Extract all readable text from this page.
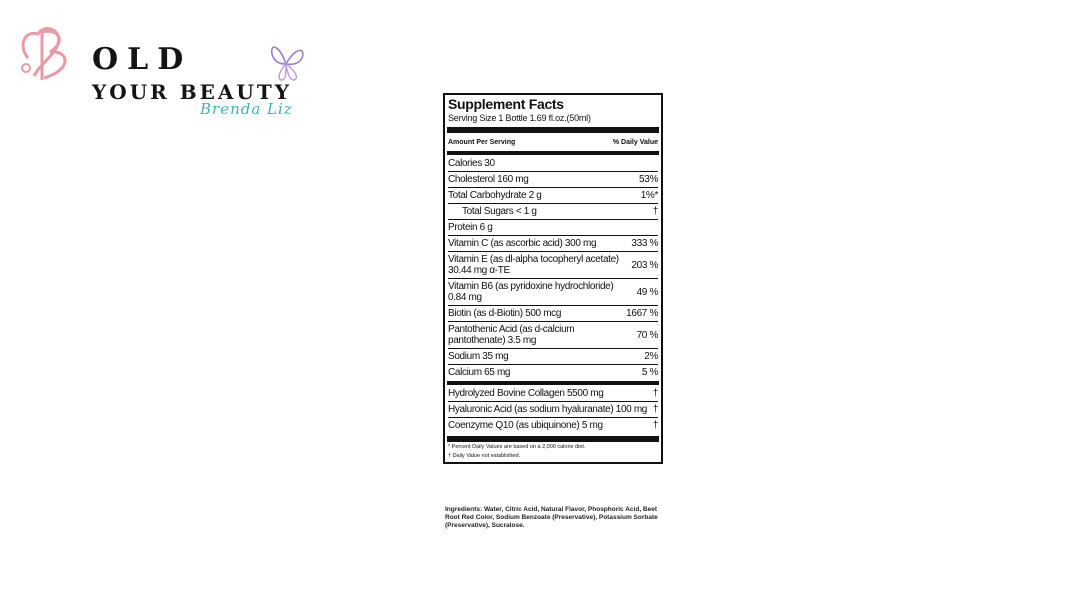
OLD
YOUR BEAUTY
Brenda Liz	Supplement Facts
Serving Size 1 Bottle 1.69 fl.oz.(50ml)
Amount Per Serving	% Daily Value
Calories 30
Cholesterol 160 mg	53%
Total Carbohydrate 2 g	1%*
Total Sugars < 1 g	†
Protein 6 g
Vitamin C (as ascorbic acid) 300 mg	333 %
Vitamin E (as dl-alpha tocopheryl acetate) 30.44 mg α-TE	203 %
Vitamin B6 (as pyridoxine hydrochloride) 0.84 mg	49 %
Biotin (as d-Biotin) 500 mcg	1667 %
Pantothenic Acid (as d-calcium pantothenate) 3.5 mg	70 %
Sodium 35 mg	2%
Calcium 65 mg	5 %
Hydrolyzed Bovine Collagen 5500 mg	†
Hyaluronic Acid (as sodium hyaluranate) 100 mg †
Coenzyme Q10 (as ubiquinone) 5 mg	†
* Percent Daily Values are based on a 2,000 calorie diet.
† Daily Value not established.
Ingredients: Water, Citric Acid, Natural Flavor, Phosphoric Acid, Beet Root Red Color, Sodium Benzoate (Preservative), Potassium Sorbate (Preservative), Sucralose.
